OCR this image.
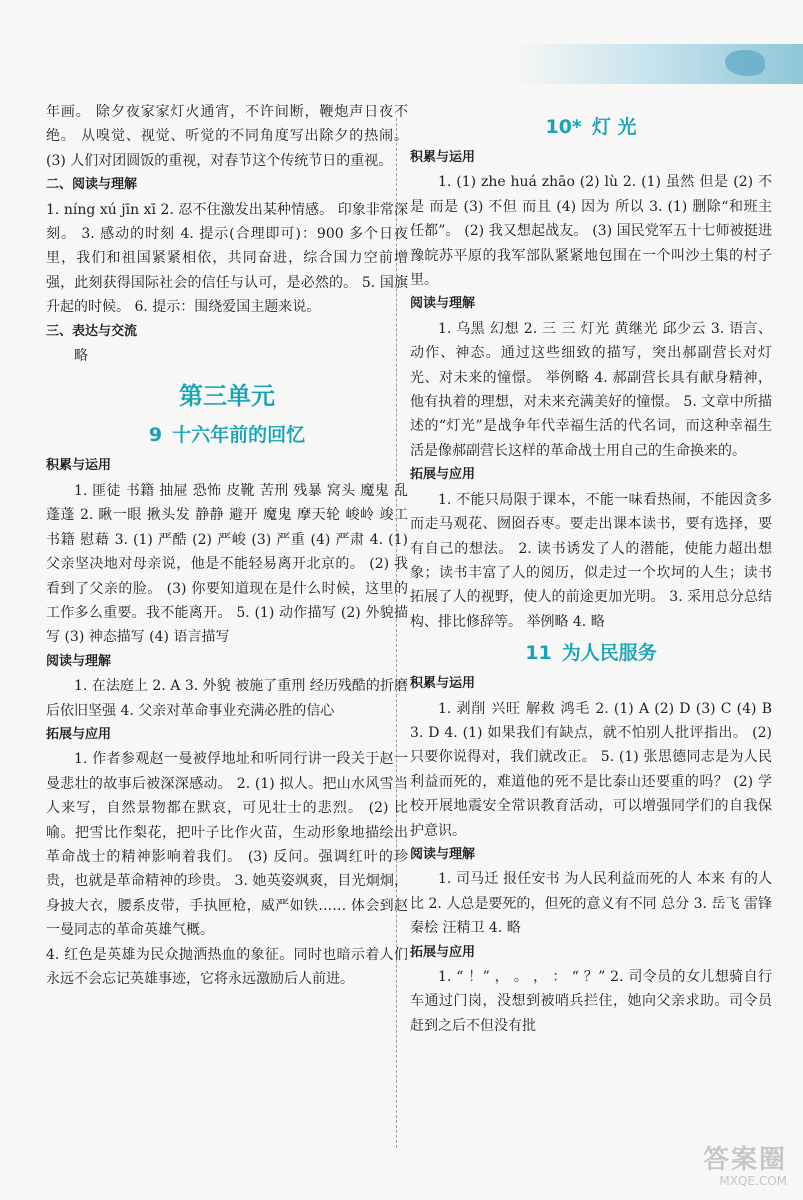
年画。 除夕夜家家灯火通宵，不许间断，鞭炮声日夜不绝。 从嗅觉、视觉、听觉的不同角度写出除夕的热闹。 (3) 人们对团圆饭的重视，对春节这个传统节日的重视。

二、阅读与理解

1. níng xú jīn xī 2. 忍不住激发出某种情感。 印象非常深刻。 3. 感动的时刻 4. 提示(合理即可)：900 多个日夜里，我们和祖国紧紧相依，共同奋进，综合国力空前增强，此刻获得国际社会的信任与认可，是必然的。 5. 国旗升起的时候。 6. 提示：围绕爱国主题来说。

三、表达与交流

略

第三单元
9 十六年前的回忆

积累与运用

1. 匪徒 书籍 抽屉 恐怖 皮靴 苦刑 残暴 窝头 魔鬼 乱蓬蓬 2. 瞅一眼 揪头发 静静 避开 魔鬼 摩天轮 峻岭 竣工 书籍 慰藉 3. (1) 严酷 (2) 严峻 (3) 严重 (4) 严肃 4. (1) 父亲坚决地对母亲说，他是不能轻易离开北京的。 (2) 我看到了父亲的脸。 (3) 你要知道现在是什么时候，这里的工作多么重要。我不能离开。 5. (1) 动作描写 (2) 外貌描写 (3) 神态描写 (4) 语言描写

阅读与理解

1. 在法庭上 2. A 3. 外貌 被施了重刑 经历残酷的折磨后依旧坚强 4. 父亲对革命事业充满必胜的信心

拓展与应用

1. 作者参观赵一曼被俘地址和听同行讲一段关于赵一曼悲壮的故事后被深深感动。 2. (1) 拟人。把山水风雪当人来写，自然景物都在默哀，可见壮士的悲烈。 (2) 比喻。把雪比作梨花，把叶子比作火苗，生动形象地描绘出革命战士的精神影响着我们。 (3) 反问。强调红叶的珍贵，也就是革命精神的珍贵。 3. 她英姿飒爽，目光炯炯，身披大衣，腰系皮带，手执匣枪，威严如铁…… 体会到赵一曼同志的革命英雄气概。

4. 红色是英雄为民众抛洒热血的象征。同时也暗示着人们永远不会忘记英雄事迹，它将永远激励后人前进。

10* 灯 光

积累与运用

1. (1) zhe huá zhāo (2) lù 2. (1) 虽然 但是 (2) 不是 而是 (3) 不但 而且 (4) 因为 所以 3. (1) 删除“和班主任都”。 (2) 我又想起战友。 (3) 国民党军五十七师被挺进豫皖苏平原的我军部队紧紧地包围在一个叫沙土集的村子里。

阅读与理解

1. 乌黑 幻想 2. 三 三 灯光 黄继光 邱少云 3. 语言、动作、神态。通过这些细致的描写，突出郝副营长对灯光、对未来的憧憬。 举例略 4. 郝副营长具有献身精神，他有执着的理想，对未来充满美好的憧憬。 5. 文章中所描述的“灯光”是战争年代幸福生活的代名词，而这种幸福生活是像郝副营长这样的革命战士用自己的生命换来的。

拓展与应用

1. 不能只局限于课本，不能一味看热闹，不能因贪多而走马观花、囫囵吞枣。要走出课本读书，要有选择，要有自己的想法。 2. 读书诱发了人的潜能，使能力超出想象；读书丰富了人的阅历，似走过一个坎坷的人生；读书拓展了人的视野，使人的前途更加光明。 3. 采用总分总结构、排比修辞等。 举例略 4. 略

11 为人民服务

积累与运用

1. 剥削 兴旺 解救 鸿毛 2. (1) A (2) D (3) C (4) B 3. D 4. (1) 如果我们有缺点，就不怕别人批评指出。 (2) 只要你说得对，我们就改正。 5. (1) 张思德同志是为人民利益而死的，难道他的死不是比泰山还要重的吗？ (2) 学校开展地震安全常识教育活动，可以增强同学们的自我保护意识。

阅读与理解

1. 司马迁 报任安书 为人民利益而死的人 本来 有的人 比 2. 人总是要死的，但死的意义有不同 总分 3. 岳飞 雷锋 秦桧 汪精卫 4. 略

拓展与应用

1. “ ！” ， 。 ， ： “ ？” 2. 司令员的女儿想骑自行车通过门岗，没想到被哨兵拦住，她向父亲求助。司令员赶到之后不但没有批

答案圈
MXQE.COM
